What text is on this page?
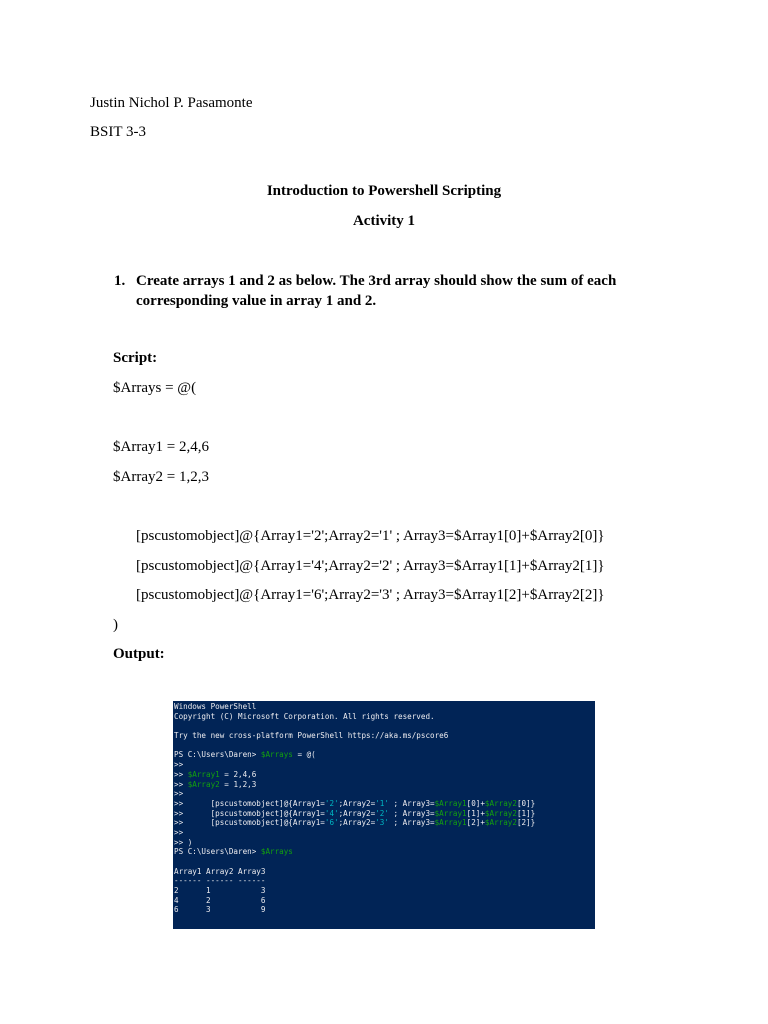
Justin Nichol P. Pasamonte
BSIT 3-3
Introduction to Powershell Scripting
Activity 1
1. Create arrays 1 and 2 as below. The 3rd array should show the sum of each
corresponding value in array 1 and 2.
Script:
$Arrays = @(
$Array1 = 2,4,6
$Array2 = 1,2,3
[pscustomobject]@{Array1='2';Array2='1' ; Array3=$Array1[0]+$Array2[0]}
[pscustomobject]@{Array1='4';Array2='2' ; Array3=$Array1[1]+$Array2[1]}
[pscustomobject]@{Array1='6';Array2='3' ; Array3=$Array1[2]+$Array2[2]}
)
Output:
Windows PowerShell
Copyright (C) Microsoft Corporation. All rights reserved.
Try the new cross-platform PowerShell https://aka.ms/pscore6
PS C:\Users\Daren> $Arrays = @(
>>
>> $Array1 = 2,4,6
>> $Array2 = 1,2,3
>>
>>      [pscustomobject]@{Array1='2';Array2='1' ; Array3=$Array1[0]+$Array2[0]}
>>      [pscustomobject]@{Array1='4';Array2='2' ; Array3=$Array1[1]+$Array2[1]}
>>      [pscustomobject]@{Array1='6';Array2='3' ; Array3=$Array1[2]+$Array2[2]}
>>
>> )
PS C:\Users\Daren> $Arrays
Array1 Array2 Array3
------ ------ ------
2      1           3
4      2           6
6      3           9
